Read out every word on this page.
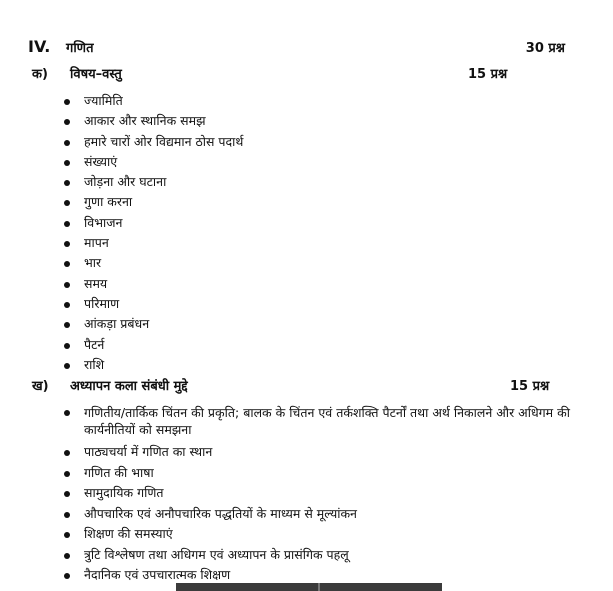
IV. गणित	30 प्रश्न
क) विषय–वस्तु	15 प्रश्न
ज्यामिति
आकार और स्थानिक समझ
हमारे चारों ओर विद्यमान ठोस पदार्थ
संख्याएं
जोड़ना और घटाना
गुणा करना
विभाजन
मापन
भार
समय
परिमाण
आंकड़ा प्रबंधन
पैटर्न
राशि
ख) अध्यापन कला संबंधी मुद्दे	15 प्रश्न
गणितीय/तार्किक चिंतन की प्रकृति; बालक के चिंतन एवं तर्कशक्ति पैटर्नों तथा अर्थ निकालने और अधिगम की कार्यनीतियों को समझना
पाठ्यचर्या में गणित का स्थान
गणित की भाषा
सामुदायिक गणित
औपचारिक एवं अनौपचारिक पद्धतियों के माध्यम से मूल्यांकन
शिक्षण की समस्याएं
त्रुटि विश्लेषण तथा अधिगम एवं अध्यापन के प्रासंगिक पहलू
नैदानिक एवं उपचारात्मक शिक्षण
